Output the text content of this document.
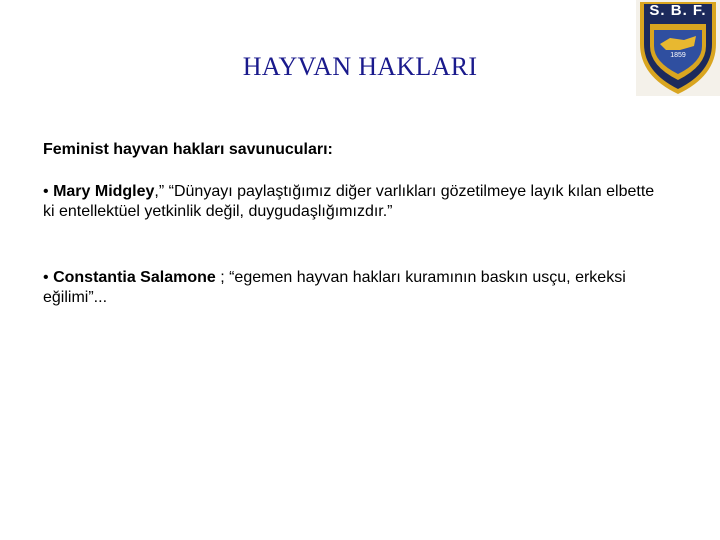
HAYVAN HAKLARI
S. B. F.
1859
Feminist hayvan hakları savunucuları:
• Mary Midgley,” “Dünyayı paylaştığımız diğer varlıkları gözetilmeye layık kılan elbette ki entellektüel yetkinlik değil, duygudaşlığımızdır.”
• Constantia Salamone ; “egemen hayvan hakları kuramının baskın usçu, erkeksi eğilimi”...
